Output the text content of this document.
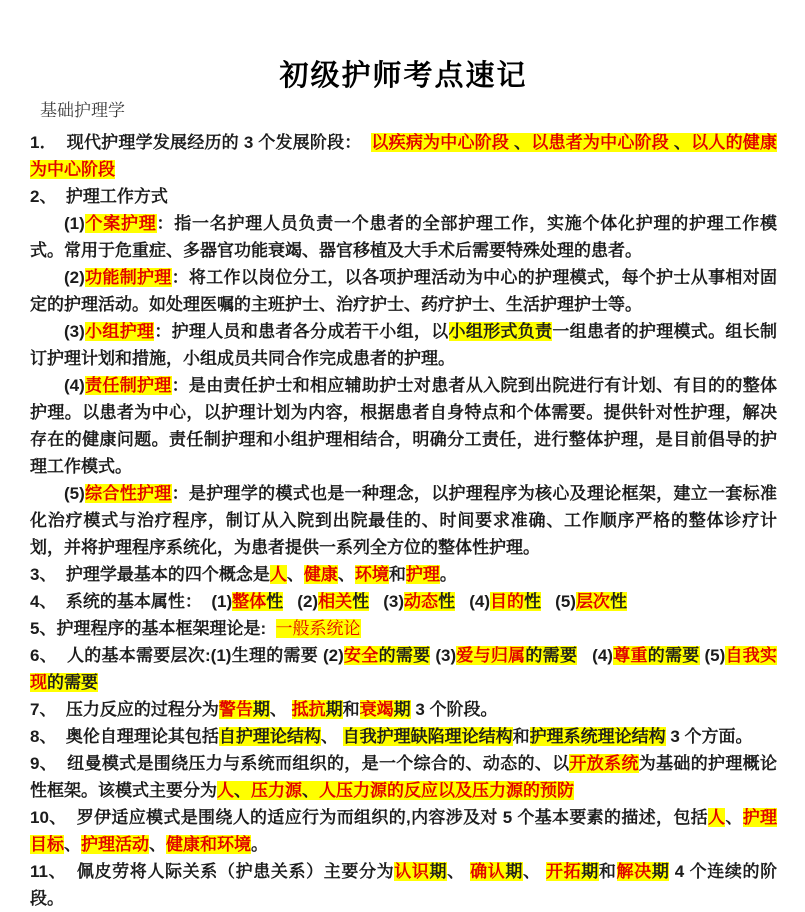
初级护师考点速记
基础护理学

1．  现代护理学发展经历的 3 个发展阶段：  以疾病为中心阶段 、以患者为中心阶段 、以人的健康为中心阶段

2、  护理工作方式

(1)个案护理：指一名护理人员负责一个患者的全部护理工作，实施个体化护理的护理工作模式。常用于危重症、多器官功能衰竭、器官移植及大手术后需要特殊处理的患者。

(2)功能制护理：将工作以岗位分工，以各项护理活动为中心的护理模式，每个护士从事相对固定的护理活动。如处理医嘱的主班护士、治疗护士、药疗护士、生活护理护士等。

(3)小组护理：护理人员和患者各分成若干小组，以小组形式负责一组患者的护理模式。组长制订护理计划和措施，小组成员共同合作完成患者的护理。

(4)责任制护理：是由责任护士和相应辅助护士对患者从入院到出院进行有计划、有目的的整体护理。以患者为中心，以护理计划为内容，根据患者自身特点和个体需要。提供针对性护理，解决存在的健康问题。责任制护理和小组护理相结合，明确分工责任，进行整体护理，是目前倡导的护理工作模式。

(5)综合性护理：是护理学的模式也是一种理念，以护理程序为核心及理论框架，建立一套标准化治疗模式与治疗程序，制订从入院到出院最佳的、时间要求准确、工作顺序严格的整体诊疗计划，并将护理程序系统化，为患者提供一系列全方位的整体性护理。

3、  护理学最基本的四个概念是人、健康、环境和护理。

4、  系统的基本属性：  (1)整体性   (2)相关性   (3)动态性   (4)目的性   (5)层次性

5、护理程序的基本框架理论是:  一般系统论

6、  人的基本需要层次:(1)生理的需要 (2)安全的需要 (3)爱与归属的需要   (4)尊重的需要 (5)自我实现的需要

7、  压力反应的过程分为警告期、 抵抗期和衰竭期 3 个阶段。

8、  奥伦自理理论其包括自护理论结构、 自我护理缺陷理论结构和护理系统理论结构 3 个方面。

9、  纽曼模式是围绕压力与系统而组织的，是一个综合的、动态的、以开放系统为基础的护理概论性框架。该模式主要分为人、压力源、人压力源的反应以及压力源的预防

10、  罗伊适应模式是围绕人的适应行为而组织的,内容涉及对 5 个基本要素的描述，包括人、护理目标、护理活动、健康和环境。

11、  佩皮劳将人际关系（护患关系）主要分为认识期、 确认期、 开拓期和解决期 4 个连续的阶段。
